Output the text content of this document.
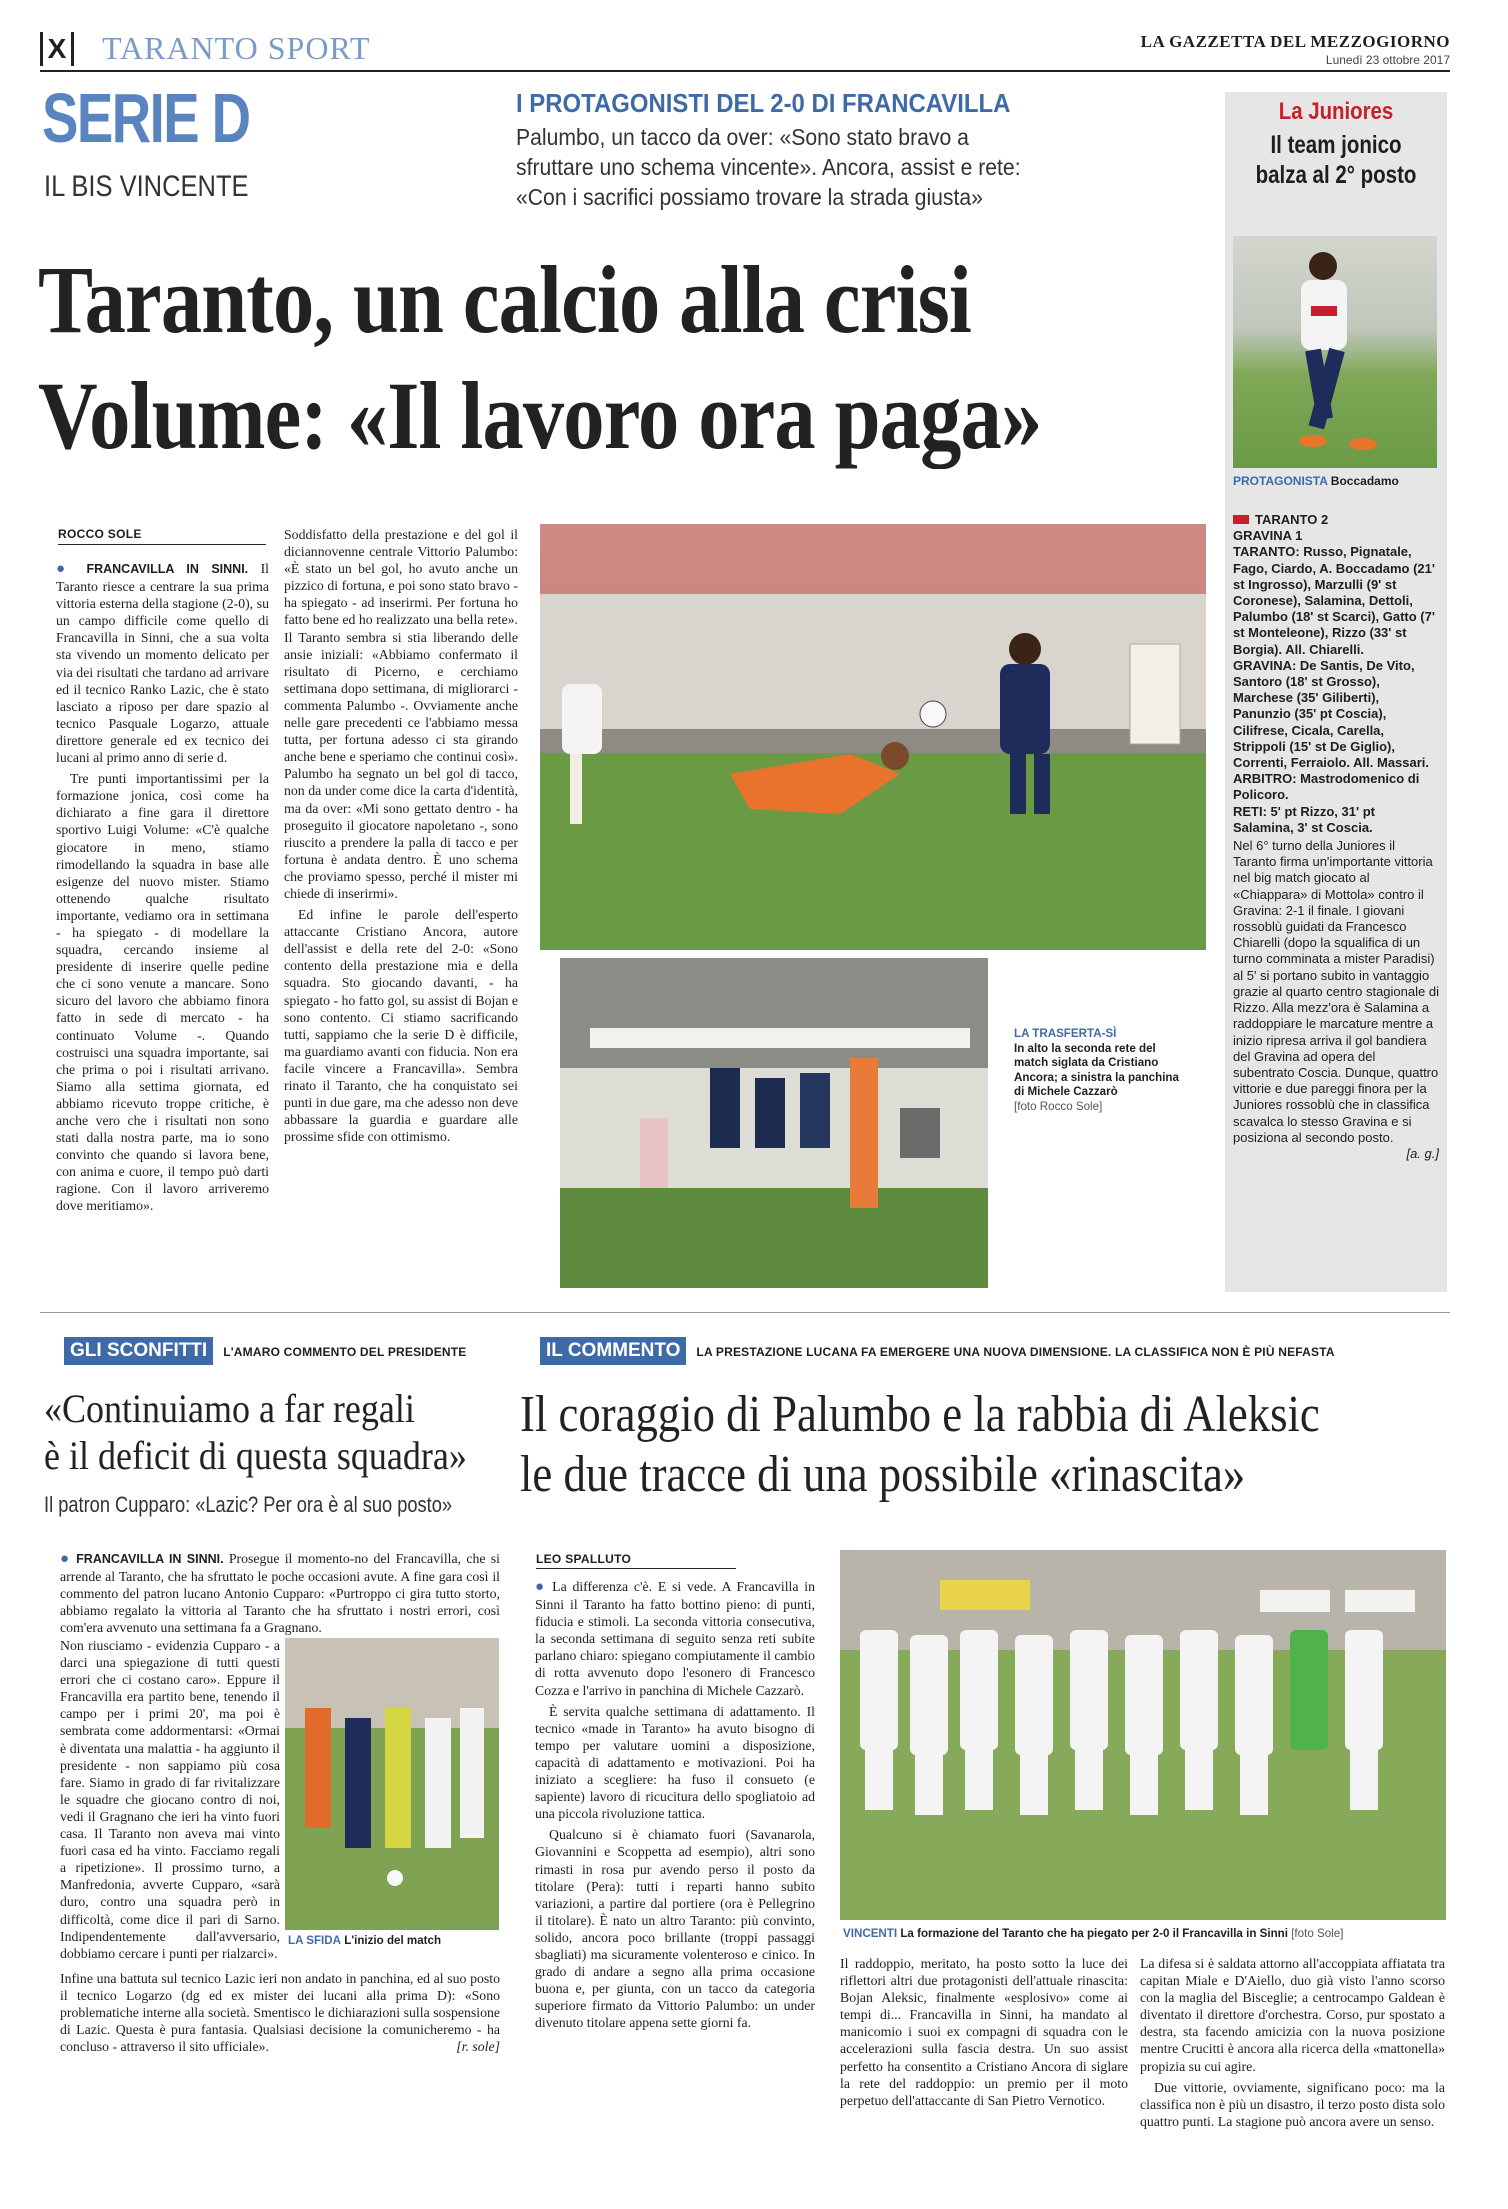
X TARANTO SPORT	LA GAZZETTA DEL MEZZOGIORNO
Lunedì 23 ottobre 2017
SERIE D
IL BIS VINCENTE
I PROTAGONISTI DEL 2-0 DI FRANCAVILLA
Palumbo, un tacco da over: «Sono stato bravo a
sfruttare uno schema vincente». Ancora, assist e rete:
«Con i sacrifici possiamo trovare la strada giusta»
Taranto, un calcio alla crisi
Volume: «Il lavoro ora paga»
ROCCO SOLE

● FRANCAVILLA IN SINNI. Il Taranto riesce a centrare la sua prima vittoria esterna della stagione (2-0), su un campo difficile come quello di Francavilla in Sinni, che a sua volta sta vivendo un momento delicato per via dei risultati che tardano ad arrivare ed il tecnico Ranko Lazic, che è stato lasciato a riposo per dare spazio al tecnico Pasquale Logarzo, attuale direttore generale ed ex tecnico dei lucani al primo anno di serie d.

Tre punti importantissimi per la formazione jonica, così come ha dichiarato a fine gara il direttore sportivo Luigi Volume: «C'è qualche giocatore in meno, stiamo rimodellando la squadra in base alle esigenze del nuovo mister. Stiamo ottenendo qualche risultato importante, vediamo ora in settimana - ha spiegato - di modellare la squadra, cercando insieme al presidente di inserire quelle pedine che ci sono venute a mancare. Sono sicuro del lavoro che abbiamo finora fatto in sede di mercato - ha continuato Volume -. Quando costruisci una squadra importante, sai che prima o poi i risultati arrivano. Siamo alla settima giornata, ed abbiamo ricevuto troppe critiche, è anche vero che i risultati non sono stati dalla nostra parte, ma io sono convinto che quando si lavora bene, con anima e cuore, il tempo può darti ragione. Con il lavoro arriveremo dove meritiamo».

Soddisfatto della prestazione e del gol il diciannovenne centrale Vittorio Palumbo: «È stato un bel gol, ho avuto anche un pizzico di fortuna, e poi sono stato bravo - ha spiegato - ad inserirmi. Per fortuna ho fatto bene ed ho realizzato una bella rete». Il Taranto sembra si stia liberando delle ansie iniziali: «Abbiamo confermato il risultato di Picerno, e cerchiamo settimana dopo settimana, di migliorarci - commenta Palumbo -. Ovviamente anche nelle gare precedenti ce l'abbiamo messa tutta, per fortuna adesso ci sta girando anche bene e speriamo che continui così». Palumbo ha segnato un bel gol di tacco, non da under come dice la carta d'identità, ma da over: «Mi sono gettato dentro - ha proseguito il giocatore napoletano -, sono riuscito a prendere la palla di tacco e per fortuna è andata dentro. È uno schema che proviamo spesso, perché il mister mi chiede di inserirmi».

Ed infine le parole dell'esperto attaccante Cristiano Ancora, autore dell'assist e della rete del 2-0: «Sono contento della prestazione mia e della squadra. Sto giocando davanti, - ha spiegato - ho fatto gol, su assist di Bojan e sono contento. Ci stiamo sacrificando tutti, sappiamo che la serie D è difficile, ma guardiamo avanti con fiducia. Non era facile vincere a Francavilla». Sembra rinato il Taranto, che ha conquistato sei punti in due gare, ma che adesso non deve abbassare la guardia e guardare alle prossime sfide con ottimismo.

LA TRASFERTA-SÌ
In alto la seconda rete del match siglata da Cristiano Ancora; a sinistra la panchina di Michele Cazzarò
[foto Rocco Sole]
La Juniores
Il team jonico
balza al 2° posto
PROTAGONISTA Boccadamo
TARANTO 2
GRAVINA 1
TARANTO: Russo, Pignatale, Fago, Ciardo, A. Boccadamo (21' st Ingrosso), Marzulli (9' st Coronese), Salamina, Dettoli, Palumbo (18' st Scarci), Gatto (7' st Monteleone), Rizzo (33' st Borgia). All. Chiarelli.
GRAVINA: De Santis, De Vito, Santoro (18' st Grosso), Marchese (35' Giliberti), Panunzio (35' pt Coscia), Cilifrese, Cicala, Carella, Strippoli (15' st De Giglio), Correnti, Ferraiolo. All. Massari.
ARBITRO: Mastrodomenico di Policoro.
RETI: 5' pt Rizzo, 31' pt Salamina, 3' st Coscia.
Nel 6° turno della Juniores il Taranto firma un'importante vittoria nel big match giocato al «Chiappara» di Mottola» contro il Gravina: 2-1 il finale. I giovani rossoblù guidati da Francesco Chiarelli (dopo la squalifica di un turno comminata a mister Paradisi) al 5' si portano subito in vantaggio grazie al quarto centro stagionale di Rizzo. Alla mezz'ora è Salamina a raddoppiare le marcature mentre a inizio ripresa arriva il gol bandiera del Gravina ad opera del subentrato Coscia. Dunque, quattro vittorie e due pareggi finora per la Juniores rossoblù che in classifica scavalca lo stesso Gravina e si posiziona al secondo posto.
[a. g.]
GLI SCONFITTI L'AMARO COMMENTO DEL PRESIDENTE
«Continuiamo a far regali
è il deficit di questa squadra»
Il patron Cupparo: «Lazic? Per ora è al suo posto»

● FRANCAVILLA IN SINNI. Prosegue il momento-no del Francavilla, che si arrende al Taranto, che ha sfruttato le poche occasioni avute. A fine gara così il commento del patron lucano Antonio Cupparo: «Purtroppo ci gira tutto storto, abbiamo regalato la vittoria al Taranto che ha sfruttato i nostri errori, così com'era avvenuto una settimana fa a Gragnano.

Non riusciamo - evidenzia Cupparo - a darci una spiegazione di tutti questi errori che ci costano caro». Eppure il Francavilla era partito bene, tenendo il campo per i primi 20', ma poi è sembrata come addormentarsi: «Ormai è diventata una malattia - ha aggiunto il presidente - non sappiamo più cosa fare. Siamo in grado di far rivitalizzare le squadre che giocano contro di noi, vedi il Gragnano che ieri ha vinto fuori casa. Il Taranto non aveva mai vinto fuori casa ed ha vinto. Facciamo regali a ripetizione». Il prossimo turno, a Manfredonia, avverte Cupparo, «sarà duro, contro una squadra però in difficoltà, come dice il pari di Sarno. Indipendentemente dall'avversario, dobbiamo cercare i punti per rialzarci».

LA SFIDA L'inizio del match

Infine una battuta sul tecnico Lazic ieri non andato in panchina, ed al suo posto il tecnico Logarzo (dg ed ex mister dei lucani alla prima D): «Sono problematiche interne alla società. Smentisco le dichiarazioni sulla sospensione di Lazic. Questa è pura fantasia. Qualsiasi decisione la comunicheremo - ha concluso - attraverso il sito ufficiale».	[r. sole]

IL COMMENTO LA PRESTAZIONE LUCANA FA EMERGERE UNA NUOVA DIMENSIONE. LA CLASSIFICA NON È PIÙ NEFASTA
Il coraggio di Palumbo e la rabbia di Aleksic
le due tracce di una possibile «rinascita»
LEO SPALLUTO

● La differenza c'è. E si vede. A Francavilla in Sinni il Taranto ha fatto bottino pieno: di punti, fiducia e stimoli. La seconda vittoria consecutiva, la seconda settimana di seguito senza reti subite parlano chiaro: spiegano compiutamente il cambio di rotta avvenuto dopo l'esonero di Francesco Cozza e l'arrivo in panchina di Michele Cazzarò.

È servita qualche settimana di adattamento. Il tecnico «made in Taranto» ha avuto bisogno di tempo per valutare uomini a disposizione, capacità di adattamento e motivazioni. Poi ha iniziato a scegliere: ha fuso il consueto (e sapiente) lavoro di ricucitura dello spogliatoio ad una piccola rivoluzione tattica.

Qualcuno si è chiamato fuori (Savanarola, Giovannini e Scoppetta ad esempio), altri sono rimasti in rosa pur avendo perso il posto da titolare (Pera): tutti i reparti hanno subito variazioni, a partire dal portiere (ora è Pellegrino il titolare). È nato un altro Taranto: più convinto, solido, ancora poco brillante (troppi passaggi sbagliati) ma sicuramente volenteroso e cinico. In grado di andare a segno alla prima occasione buona e, per giunta, con un tacco da categoria superiore firmato da Vittorio Palumbo: un under divenuto titolare appena sette giorni fa.

VINCENTI La formazione del Taranto che ha piegato per 2-0 il Francavilla in Sinni [foto Sole]

Il raddoppio, meritato, ha posto sotto la luce dei riflettori altri due protagonisti dell'attuale rinascita: Bojan Aleksic, finalmente «esplosivo» come ai tempi di... Francavilla in Sinni, ha mandato al manicomio i suoi ex compagni di squadra con le accelerazioni sulla fascia destra. Un suo assist perfetto ha consentito a Cristiano Ancora di siglare la rete del raddoppio: un premio per il moto perpetuo dell'attaccante di San Pietro Vernotico.

La difesa si è saldata attorno all'accoppiata affiatata tra capitan Miale e D'Aiello, duo già visto l'anno scorso con la maglia del Bisceglie; a centrocampo Galdean è diventato il direttore d'orchestra. Corso, pur spostato a destra, sta facendo amicizia con la nuova posizione mentre Crucitti è ancora alla ricerca della «mattonella» propizia su cui agire.

Due vittorie, ovviamente, significano poco: ma la classifica non è più un disastro, il terzo posto dista solo quattro punti. La stagione può ancora avere un senso.
